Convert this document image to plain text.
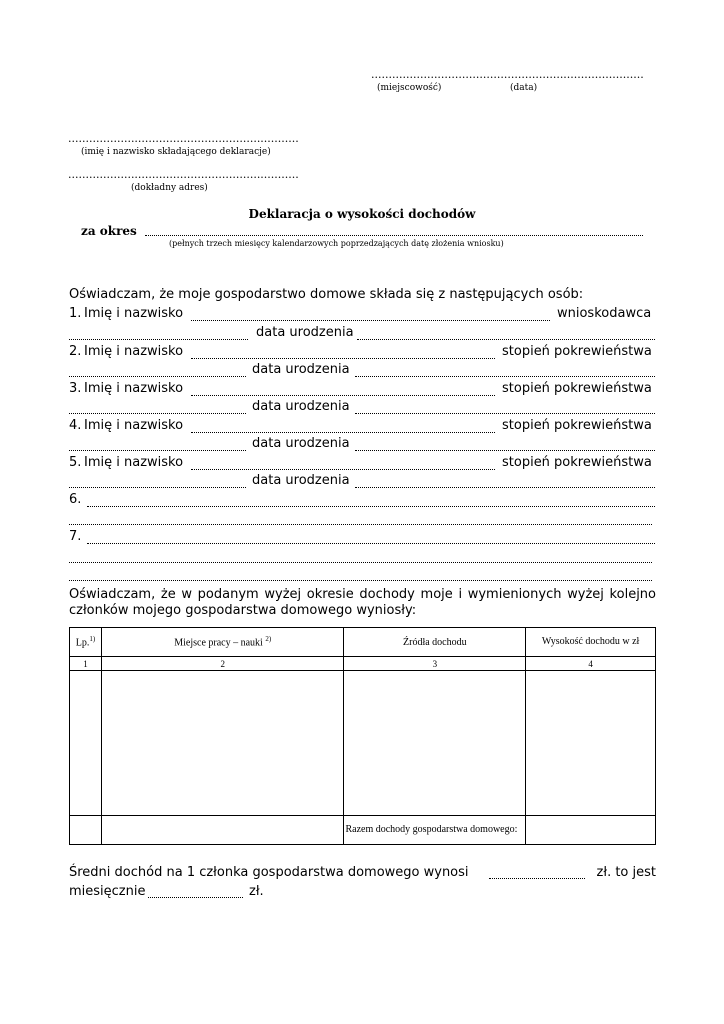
..............................................................................
(miejscowość)	(data)
..................................................................
(imię i nazwisko składającego deklaracje)
..................................................................
(dokładny adres)
Deklaracja o wysokości dochodów
za okres
(pełnych trzech miesięcy kalendarzowych poprzedzających datę złożenia wniosku)
Oświadczam, że moje gospodarstwo domowe składa się z następujących osób:
1. Imię i nazwisko	wnioskodawca
data urodzenia
2. Imię i nazwisko	stopień pokrewieństwa
data urodzenia
3. Imię i nazwisko	stopień pokrewieństwa
data urodzenia
4. Imię i nazwisko	stopień pokrewieństwa
data urodzenia
5. Imię i nazwisko	stopień pokrewieństwa
data urodzenia
6.
7.
Oświadczam, że w podanym wyżej okresie dochody moje i wymienionych wyżej kolejno
członków mojego gospodarstwa domowego wyniosły:
Lp.$^{1)}$	Miejsce pracy – nauki $^{2)}$	Źródła dochodu	Wysokość dochodu w zł
1	2	3	4

		Razem dochody gospodarstwa domowego:	
Średni dochód na 1 członka gospodarstwa domowego wynosi	zł. to jest
miesięcznie	zł.
